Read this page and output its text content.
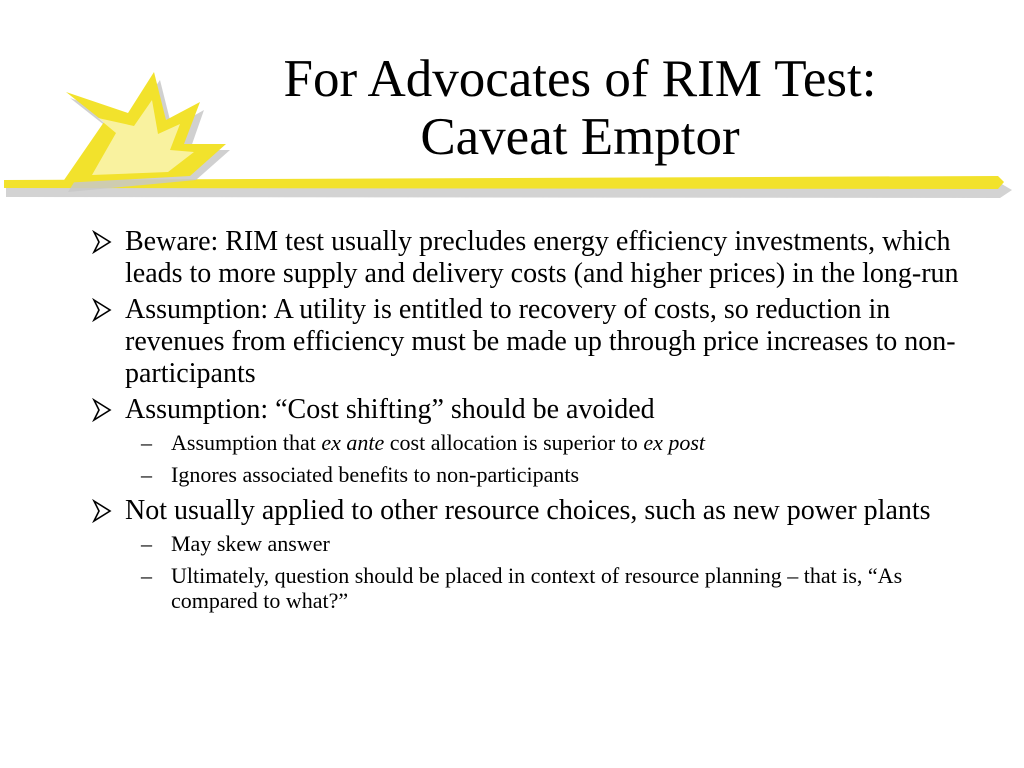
For Advocates of RIM Test:
Caveat Emptor
Beware: RIM test usually precludes energy efficiency investments, which leads to more supply and delivery costs (and higher prices) in the long-run
Assumption: A utility is entitled to recovery of costs, so reduction in revenues from efficiency must be made up through price increases to non-participants
Assumption: “Cost shifting” should be avoided
– Assumption that ex ante cost allocation is superior to ex post
– Ignores associated benefits to non-participants
Not usually applied to other resource choices, such as new power plants
– May skew answer
– Ultimately, question should be placed in context of resource planning – that is, “As compared to what?”
